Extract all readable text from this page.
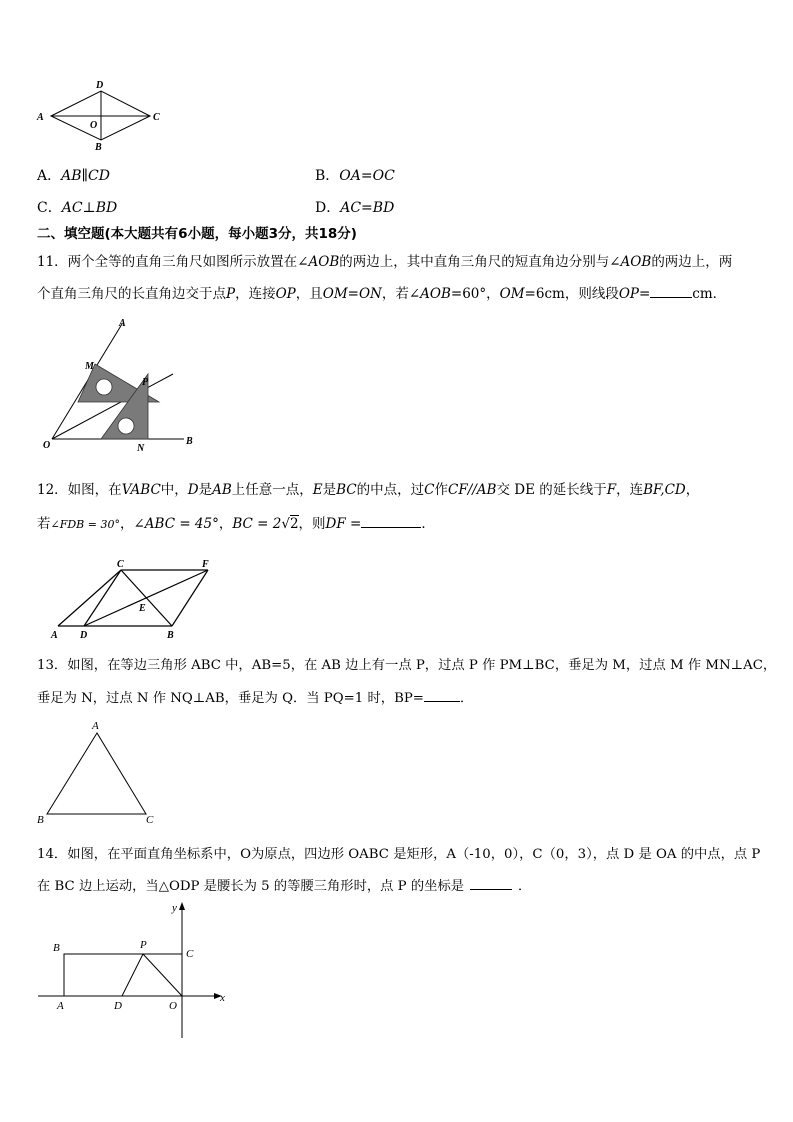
A
D
C
O
B
A．AB∥CD	B．OA=OC
C．AC⊥BD	D．AC=BD
二、填空题(本大题共有6小题，每小题3分，共18分)
11．两个全等的直角三角尺如图所示放置在∠AOB的两边上，其中直角三角尺的短直角边分别与∠AOB的两边上，两
个直角三角尺的长直角边交于点P，连接OP，且OM=ON，若∠AOB=60°，OM=6cm，则线段OP=	cm．
A
M
P
O	N
B
12．如图，在VABC中，D是AB上任意一点，E是BC的中点，过C作CF//AB交 DE 的延长线于F，连BF,CD，
若∠FDB = 30°，∠ABC = 45°，BC = 2√2，则DF =	．
C	F
E
A D	B
13．如图，在等边三角形 ABC 中，AB=5，在 AB 边上有一点 P，过点 P 作 PM⊥BC，垂足为 M，过点 M 作 MN⊥AC，
垂足为 N，过点 N 作 NQ⊥AB，垂足为 Q．当 PQ=1 时，BP=	．
A
B	C
14．如图，在平面直角坐标系中，O为原点，四边形 OABC 是矩形，A（-10，0），C（0，3），点 D 是 OA 的中点，点 P
在 BC 边上运动，当△ODP 是腰长为 5 的等腰三角形时，点 P 的坐标是	．
y
B	P
C
A	D	O
x
